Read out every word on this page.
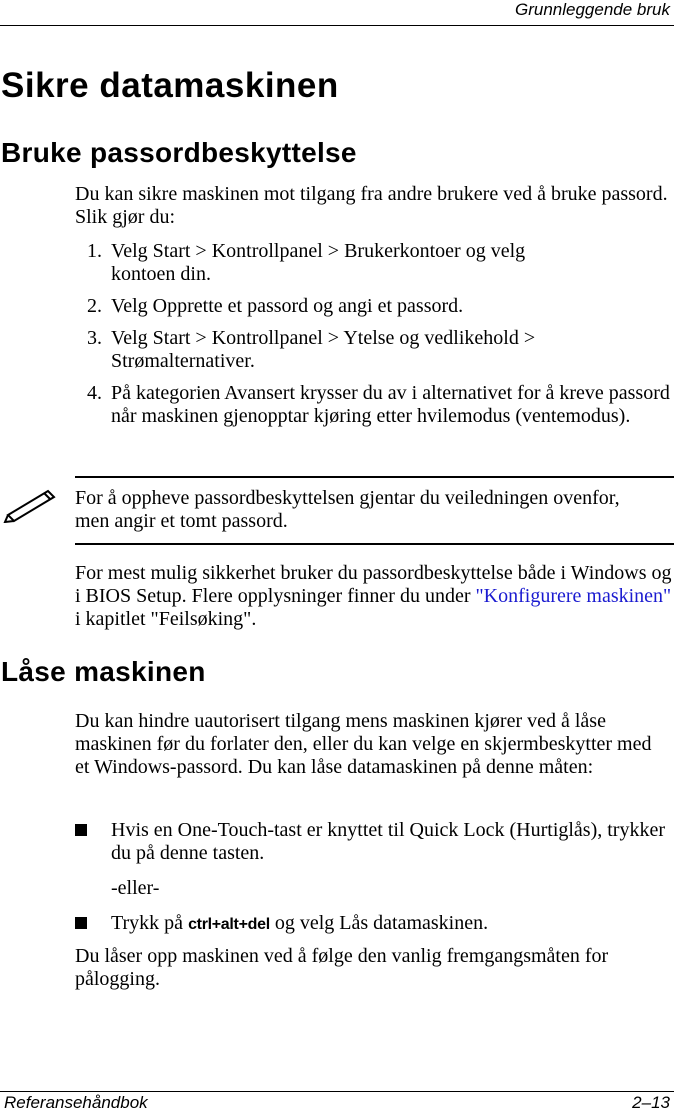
Grunnleggende bruk
Sikre datamaskinen
Bruke passordbeskyttelse

Du kan sikre maskinen mot tilgang fra andre brukere ved å bruke passord. Slik gjør du:

1. Velg Start > Kontrollpanel > Brukerkontoer og velg kontoen din.
2. Velg Opprette et passord og angi et passord.
3. Velg Start > Kontrollpanel > Ytelse og vedlikehold > Strømalternativer.
4. På kategorien Avansert krysser du av i alternativet for å kreve passord når maskinen gjenopptar kjøring etter hvilemodus (ventemodus).

For å oppheve passordbeskyttelsen gjentar du veiledningen ovenfor, men angir et tomt passord.

For mest mulig sikkerhet bruker du passordbeskyttelse både i Windows og i BIOS Setup. Flere opplysninger finner du under "Konfigurere maskinen" i kapitlet "Feilsøking".

Låse maskinen

Du kan hindre uautorisert tilgang mens maskinen kjører ved å låse maskinen før du forlater den, eller du kan velge en skjermbeskytter med et Windows-passord. Du kan låse datamaskinen på denne måten:

Hvis en One-Touch-tast er knyttet til Quick Lock (Hurtiglås), trykker du på denne tasten.
-eller-
Trykk på ctrl+alt+del og velg Lås datamaskinen.

Du låser opp maskinen ved å følge den vanlig fremgangsmåten for pålogging.

Referansehåndbok	2–13
